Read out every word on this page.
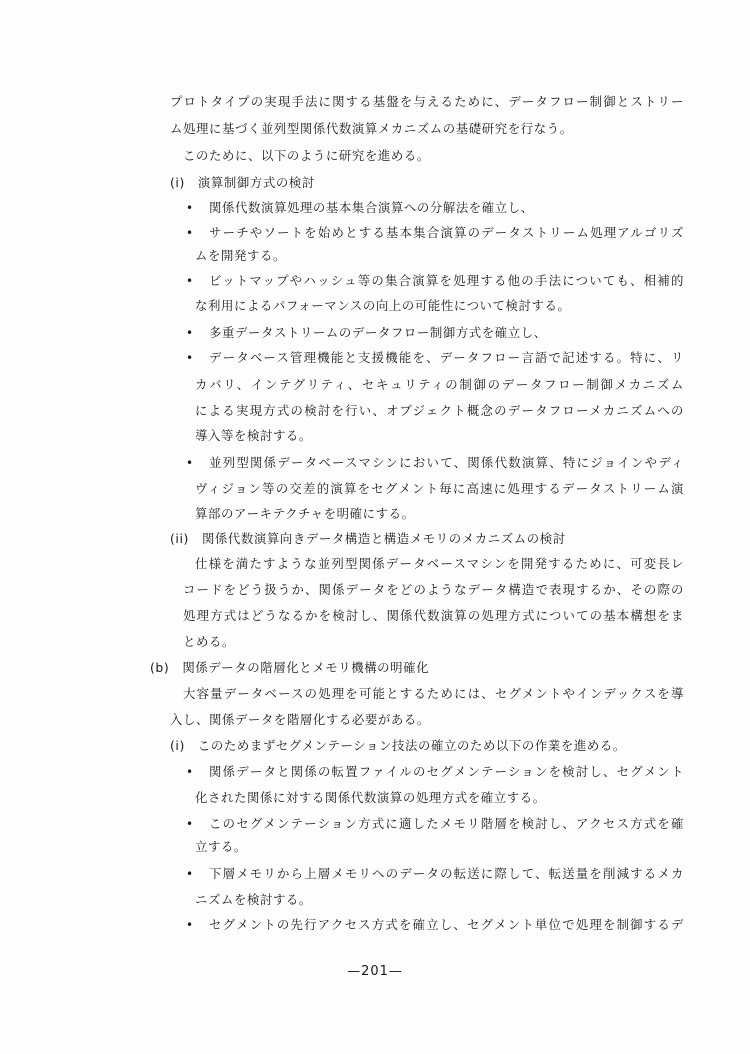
プロトタイプの実現手法に関する基盤を与えるために、データフロー制御とストリー
ム処理に基づく並列型関係代数演算メカニズムの基礎研究を行なう。
このために、以下のように研究を進める。
(i)　演算制御方式の検討
• 関係代数演算処理の基本集合演算への分解法を確立し、
• サーチやソートを始めとする基本集合演算のデータストリーム処理アルゴリズ
ムを開発する。
• ビットマップやハッシュ等の集合演算を処理する他の手法についても、相補的
な利用によるパフォーマンスの向上の可能性について検討する。
• 多重データストリームのデータフロー制御方式を確立し、
• データベース管理機能と支援機能を、データフロー言語で記述する。特に、リ
カバリ、インテグリティ、セキュリティの制御のデータフロー制御メカニズム
による実現方式の検討を行い、オブジェクト概念のデータフローメカニズムへの
導入等を検討する。
• 並列型関係データベースマシンにおいて、関係代数演算、特にジョインやディ
ヴィジョン等の交差的演算をセグメント毎に高速に処理するデータストリーム演
算部のアーキテクチャを明確にする。
(ii)　関係代数演算向きデータ構造と構造メモリのメカニズムの検討
仕様を満たすような並列型関係データベースマシンを開発するために、可変長レ
コードをどう扱うか、関係データをどのようなデータ構造で表現するか、その際の
処理方式はどうなるかを検討し、関係代数演算の処理方式についての基本構想をま
とめる。
(b)　関係データの階層化とメモリ機構の明確化
大容量データベースの処理を可能とするためには、セグメントやインデックスを導
入し、関係データを階層化する必要がある。
(i)　このためまずセグメンテーション技法の確立のため以下の作業を進める。
• 関係データと関係の転置ファイルのセグメンテーションを検討し、セグメント
化された関係に対する関係代数演算の処理方式を確立する。
• このセグメンテーション方式に適したメモリ階層を検討し、アクセス方式を確
立する。
• 下層メモリから上層メモリへのデータの転送に際して、転送量を削減するメカ
ニズムを検討する。
• セグメントの先行アクセス方式を確立し、セグメント単位で処理を制御するデ
—201—
